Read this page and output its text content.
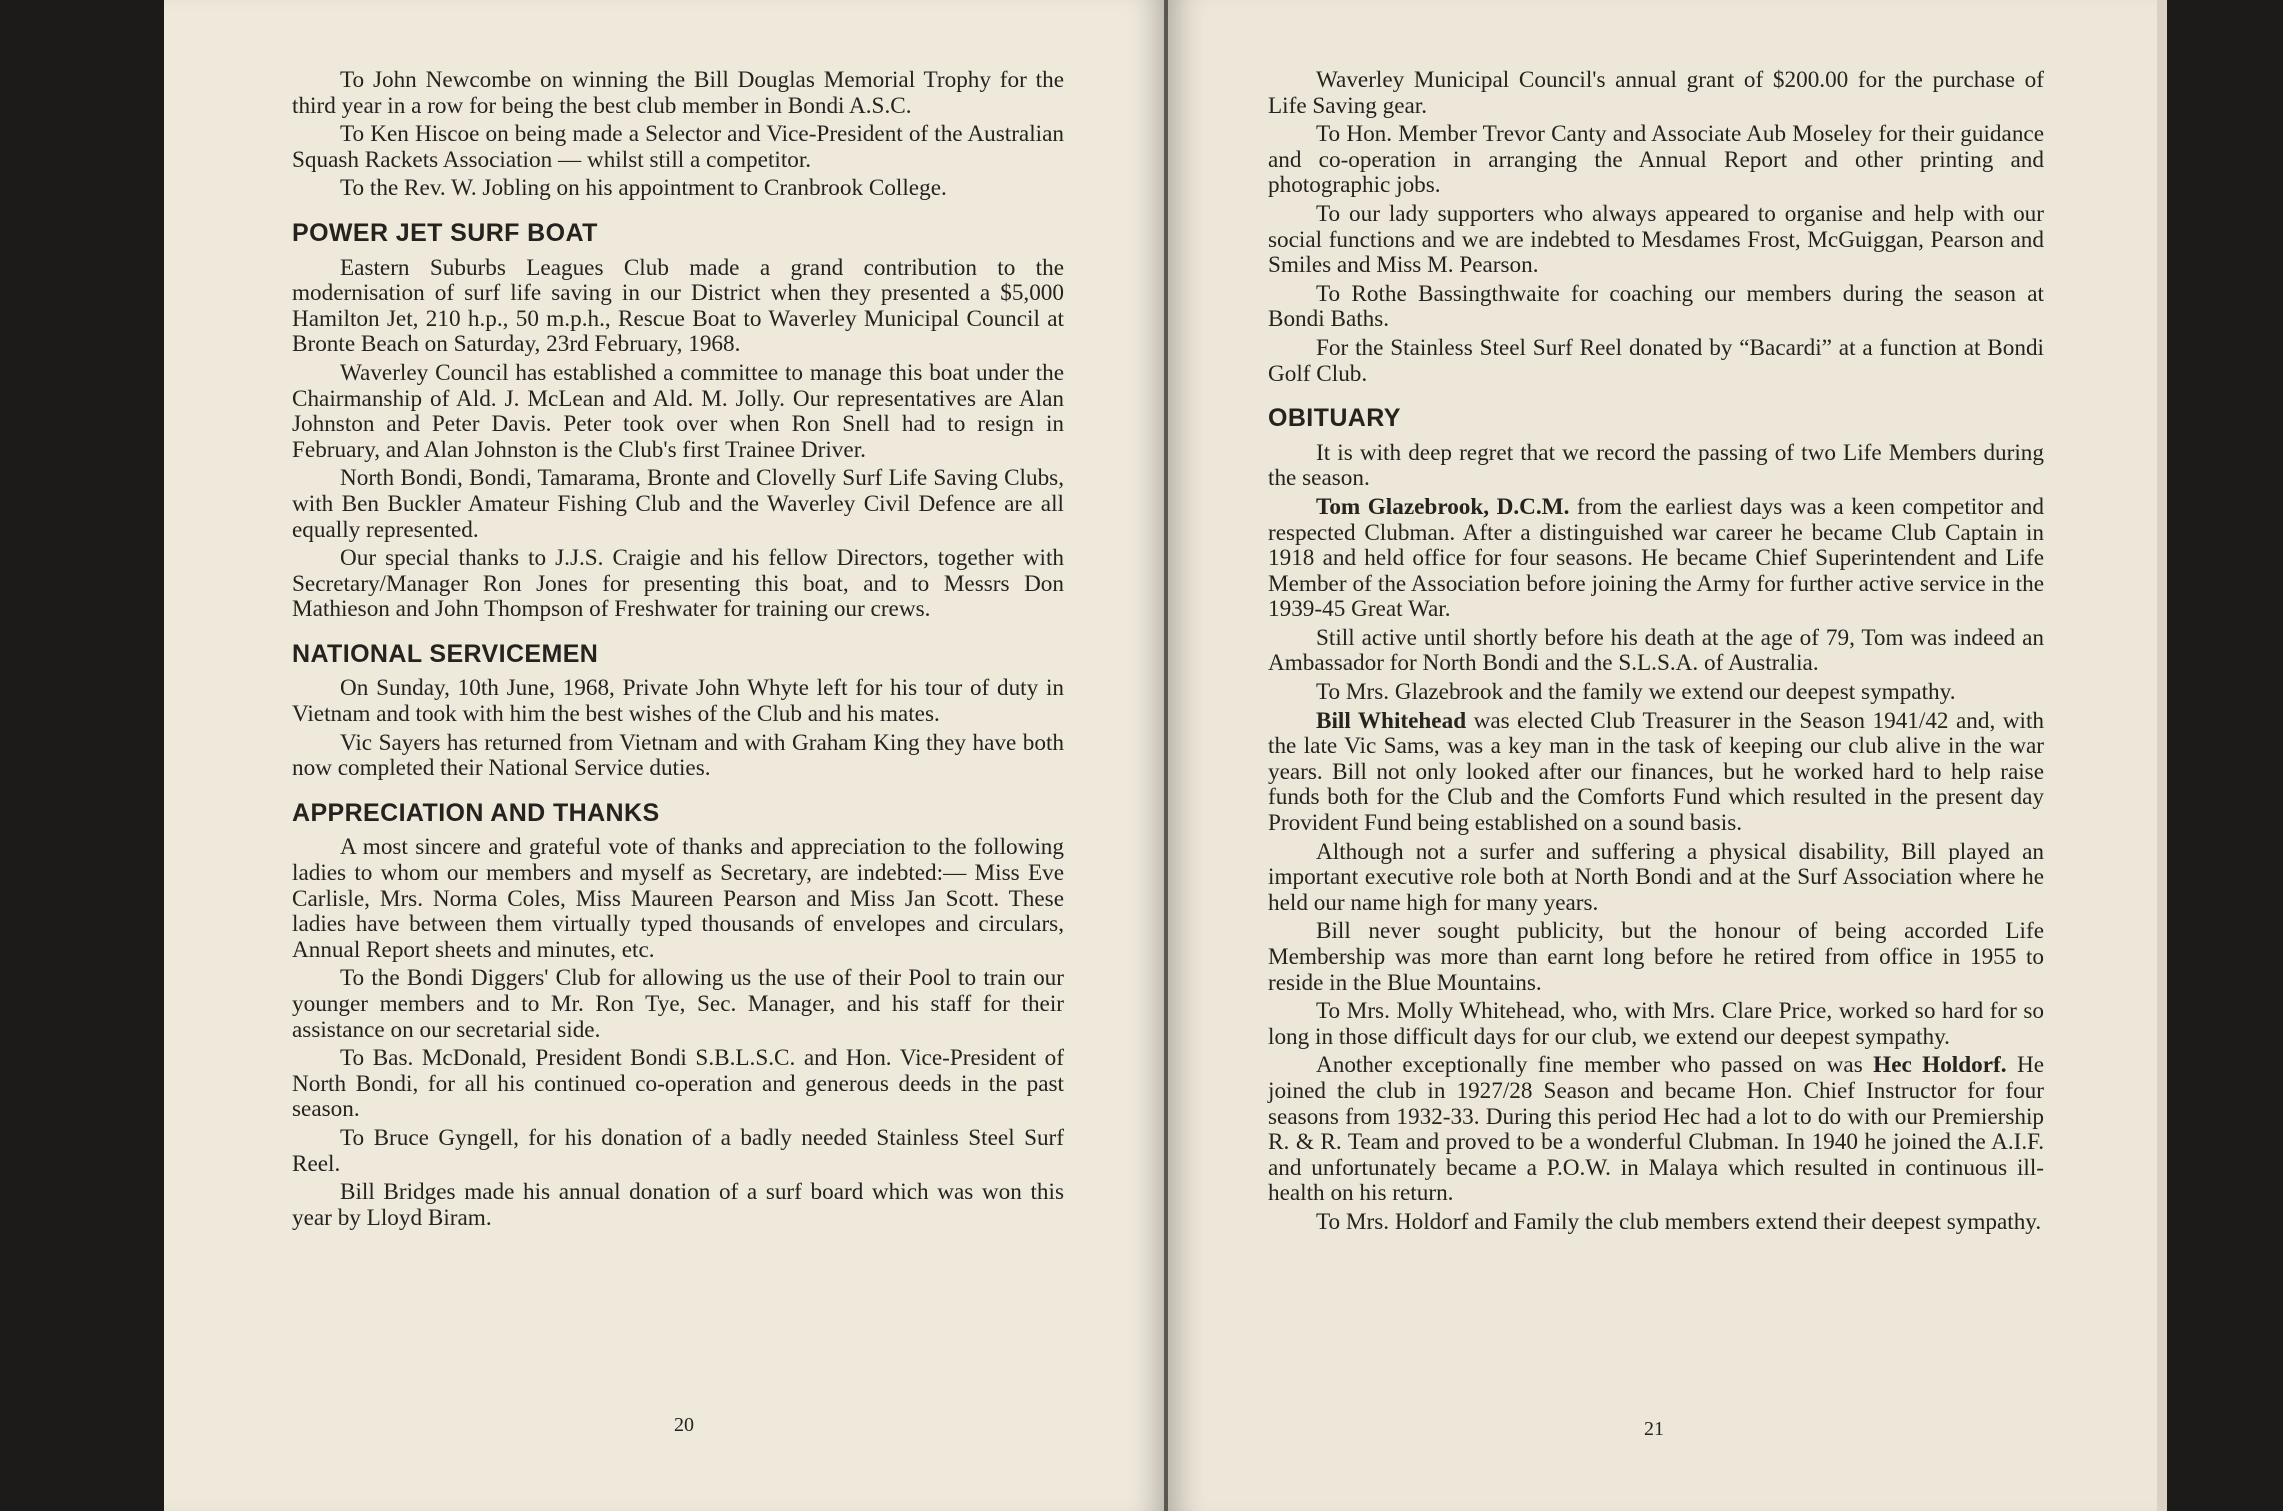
To John Newcombe on winning the Bill Douglas Memorial Trophy for the third year in a row for being the best club member in Bondi A.S.C.

To Ken Hiscoe on being made a Selector and Vice-President of the Australian Squash Rackets Association — whilst still a competitor.

To the Rev. W. Jobling on his appointment to Cranbrook College.

POWER JET SURF BOAT

Eastern Suburbs Leagues Club made a grand contribution to the modernisation of surf life saving in our District when they presented a $5,000 Hamilton Jet, 210 h.p., 50 m.p.h., Rescue Boat to Waverley Municipal Council at Bronte Beach on Saturday, 23rd February, 1968.

Waverley Council has established a committee to manage this boat under the Chairmanship of Ald. J. McLean and Ald. M. Jolly. Our representatives are Alan Johnston and Peter Davis. Peter took over when Ron Snell had to resign in February, and Alan Johnston is the Club's first Trainee Driver.

North Bondi, Bondi, Tamarama, Bronte and Clovelly Surf Life Saving Clubs, with Ben Buckler Amateur Fishing Club and the Waverley Civil Defence are all equally represented.

Our special thanks to J.J.S. Craigie and his fellow Directors, together with Secretary/Manager Ron Jones for presenting this boat, and to Messrs Don Mathieson and John Thompson of Freshwater for training our crews.

NATIONAL SERVICEMEN

On Sunday, 10th June, 1968, Private John Whyte left for his tour of duty in Vietnam and took with him the best wishes of the Club and his mates.

Vic Sayers has returned from Vietnam and with Graham King they have both now completed their National Service duties.

APPRECIATION AND THANKS

A most sincere and grateful vote of thanks and appreciation to the following ladies to whom our members and myself as Secretary, are indebted:— Miss Eve Carlisle, Mrs. Norma Coles, Miss Maureen Pearson and Miss Jan Scott. These ladies have between them virtually typed thousands of envelopes and circulars, Annual Report sheets and minutes, etc.

To the Bondi Diggers' Club for allowing us the use of their Pool to train our younger members and to Mr. Ron Tye, Sec. Manager, and his staff for their assistance on our secretarial side.

To Bas. McDonald, President Bondi S.B.L.S.C. and Hon. Vice-President of North Bondi, for all his continued co-operation and generous deeds in the past season.

To Bruce Gyngell, for his donation of a badly needed Stainless Steel Surf Reel.

Bill Bridges made his annual donation of a surf board which was won this year by Lloyd Biram.

20

Waverley Municipal Council's annual grant of $200.00 for the purchase of Life Saving gear.

To Hon. Member Trevor Canty and Associate Aub Moseley for their guidance and co-operation in arranging the Annual Report and other printing and photographic jobs.

To our lady supporters who always appeared to organise and help with our social functions and we are indebted to Mesdames Frost, McGuiggan, Pearson and Smiles and Miss M. Pearson.

To Rothe Bassingthwaite for coaching our members during the season at Bondi Baths.

For the Stainless Steel Surf Reel donated by “Bacardi” at a function at Bondi Golf Club.

OBITUARY

It is with deep regret that we record the passing of two Life Members during the season.

Tom Glazebrook, D.C.M. from the earliest days was a keen competitor and respected Clubman. After a distinguished war career he became Club Captain in 1918 and held office for four seasons. He became Chief Superintendent and Life Member of the Association before joining the Army for further active service in the 1939-45 Great War.

Still active until shortly before his death at the age of 79, Tom was indeed an Ambassador for North Bondi and the S.L.S.A. of Australia.

To Mrs. Glazebrook and the family we extend our deepest sympathy.

Bill Whitehead was elected Club Treasurer in the Season 1941/42 and, with the late Vic Sams, was a key man in the task of keeping our club alive in the war years. Bill not only looked after our finances, but he worked hard to help raise funds both for the Club and the Comforts Fund which resulted in the present day Provident Fund being established on a sound basis.

Although not a surfer and suffering a physical disability, Bill played an important executive role both at North Bondi and at the Surf Association where he held our name high for many years.

Bill never sought publicity, but the honour of being accorded Life Membership was more than earnt long before he retired from office in 1955 to reside in the Blue Mountains.

To Mrs. Molly Whitehead, who, with Mrs. Clare Price, worked so hard for so long in those difficult days for our club, we extend our deepest sympathy.

Another exceptionally fine member who passed on was Hec Holdorf. He joined the club in 1927/28 Season and became Hon. Chief Instructor for four seasons from 1932-33. During this period Hec had a lot to do with our Premiership R. & R. Team and proved to be a wonderful Clubman. In 1940 he joined the A.I.F. and unfortunately became a P.O.W. in Malaya which resulted in continuous ill-health on his return.

To Mrs. Holdorf and Family the club members extend their deepest sympathy.

21
